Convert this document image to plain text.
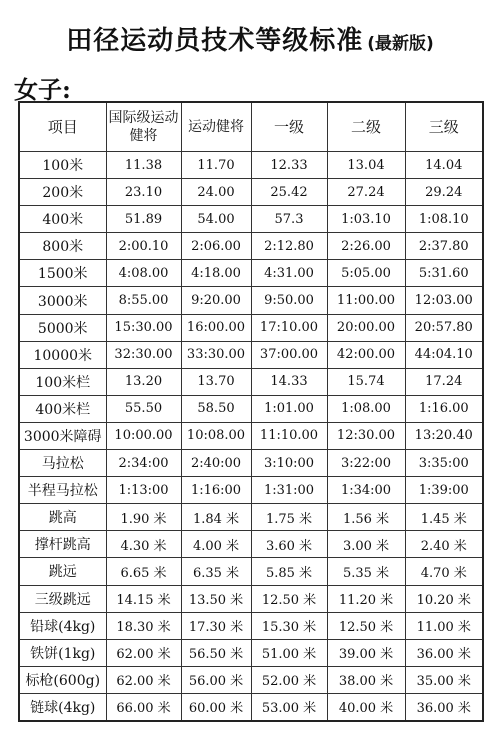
田径运动员技术等级标准 (最新版)
女子:
项目	国际级运动健将	运动健将	一级	二级	三级
100米	11.38	11.70	12.33	13.04	14.04
200米	23.10	24.00	25.42	27.24	29.24
400米	51.89	54.00	57.3	1:03.10	1:08.10
800米	2:00.10	2:06.00	2:12.80	2:26.00	2:37.80
1500米	4:08.00	4:18.00	4:31.00	5:05.00	5:31.60
3000米	8:55.00	9:20.00	9:50.00	11:00.00	12:03.00
5000米	15:30.00	16:00.00	17:10.00	20:00.00	20:57.80
10000米	32:30.00	33:30.00	37:00.00	42:00.00	44:04.10
100米栏	13.20	13.70	14.33	15.74	17.24
400米栏	55.50	58.50	1:01.00	1:08.00	1:16.00
3000米障碍	10:00.00	10:08.00	11:10.00	12:30.00	13:20.40
马拉松	2:34:00	2:40:00	3:10:00	3:22:00	3:35:00
半程马拉松	1:13:00	1:16:00	1:31:00	1:34:00	1:39:00
跳高	1.90 米	1.84 米	1.75 米	1.56 米	1.45 米
撑杆跳高	4.30 米	4.00 米	3.60 米	3.00 米	2.40 米
跳远	6.65 米	6.35 米	5.85 米	5.35 米	4.70 米
三级跳远	14.15 米	13.50 米	12.50 米	11.20 米	10.20 米
铅球(4kg)	18.30 米	17.30 米	15.30 米	12.50 米	11.00 米
铁饼(1kg)	62.00 米	56.50 米	51.00 米	39.00 米	36.00 米
标枪(600g)	62.00 米	56.00 米	52.00 米	38.00 米	35.00 米
链球(4kg)	66.00 米	60.00 米	53.00 米	40.00 米	36.00 米
